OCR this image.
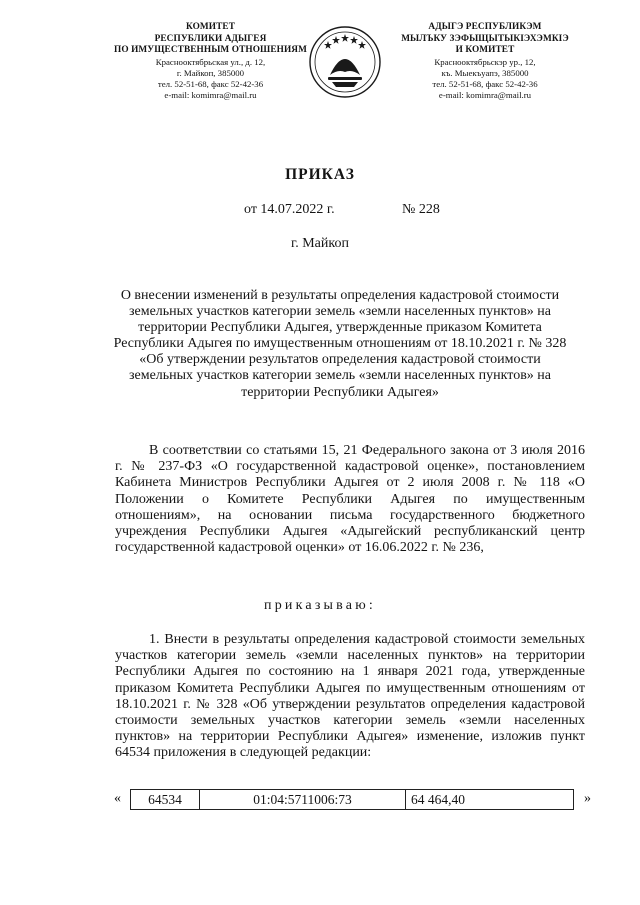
КОМИТЕТ
РЕСПУБЛИКИ АДЫГЕЯ
ПО ИМУЩЕСТВЕННЫМ ОТНОШЕНИЯМ
Краснооктябрьская ул., д. 12,
г. Майкоп, 385000
тел. 52-51-68, факс 52-42-36
e-mail: komimra@mail.ru
АДЫГЭ РЕСПУБЛИКЭМ
МЫЛЪКУ ЗЭФЫЩЫТЫКІЭХЭМКІЭ
И КОМИТЕТ
Краснооктябрьскэр ур., 12,
къ. Мыекъуапэ, 385000
тел. 52-51-68, факс 52-42-36
e-mail: komimra@mail.ru
ПРИКАЗ
от 14.07.2022 г.	№ 228
г. Майкоп
О внесении изменений в результаты определения кадастровой стоимости земельных участков категории земель «земли населенных пунктов» на территории Республики Адыгея, утвержденные приказом Комитета Республики Адыгея по имущественным отношениям от 18.10.2021 г. № 328 «Об утверждении результатов определения кадастровой стоимости земельных участков категории земель «земли населенных пунктов» на территории Республики Адыгея»
В соответствии со статьями 15, 21 Федерального закона от 3 июля 2016 г. № 237-ФЗ «О государственной кадастровой оценке», постановлением Кабинета Министров Республики Адыгея от 2 июля 2008 г. № 118 «О Положении о Комитете Республики Адыгея по имущественным отношениям», на основании письма государственного бюджетного учреждения Республики Адыгея «Адыгейский республиканский центр государственной кадастровой оценки» от 16.06.2022 г. № 236,
приказываю:
1. Внести в результаты определения кадастровой стоимости земельных участков категории земель «земли населенных пунктов» на территории Республики Адыгея по состоянию на 1 января 2021 года, утвержденные приказом Комитета Республики Адыгея по имущественным отношениям от 18.10.2021 г. № 328 «Об утверждении результатов определения кадастровой стоимости земельных участков категории земель «земли населенных пунктов» на территории Республики Адыгея» изменение, изложив пункт 64534 приложения в следующей редакции:
« 64534	01:04:5711006:73	64 464,40	»
